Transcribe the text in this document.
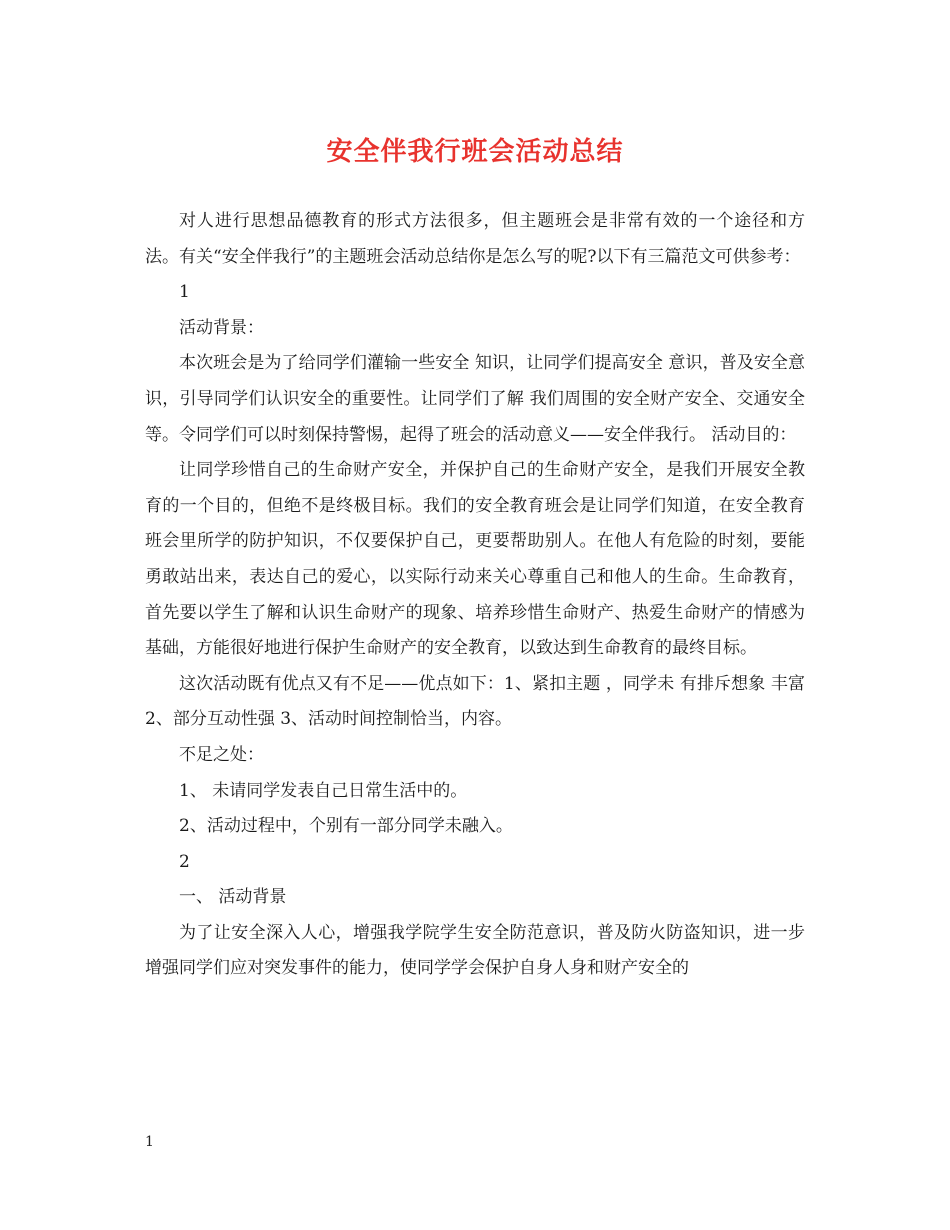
安全伴我行班会活动总结

对人进行思想品德教育的形式方法很多，但主题班会是非常有效的一个途径和方法。有关“安全伴我行”的主题班会活动总结你是怎么写的呢?以下有三篇范文可供参考：

1

活动背景：

本次班会是为了给同学们灌输一些安全 知识，让同学们提高安全 意识，普及安全意识，引导同学们认识安全的重要性。让同学们了解 我们周围的安全财产安全、交通安全等。令同学们可以时刻保持警惕，起得了班会的活动意义——安全伴我行。 活动目的：

让同学珍惜自己的生命财产安全，并保护自己的生命财产安全，是我们开展安全教育的一个目的，但绝不是终极目标。我们的安全教育班会是让同学们知道，在安全教育班会里所学的防护知识，不仅要保护自己，更要帮助别人。在他人有危险的时刻，要能勇敢站出来，表达自己的爱心，以实际行动来关心尊重自己和他人的生命。生命教育，首先要以学生了解和认识生命财产的现象、培养珍惜生命财产、热爱生命财产的情感为基础，方能很好地进行保护生命财产的安全教育，以致达到生命教育的最终目标。

这次活动既有优点又有不足——优点如下：1、紧扣主题 ，同学未 有排斥想象 丰富 2、部分互动性强 3、活动时间控制恰当，内容。

不足之处：

1、 未请同学发表自己日常生活中的。

2、活动过程中，个别有一部分同学未融入。

2

一、 活动背景

为了让安全深入人心，增强我学院学生安全防范意识，普及防火防盗知识，进一步增强同学们应对突发事件的能力，使同学学会保护自身人身和财产安全的

1
